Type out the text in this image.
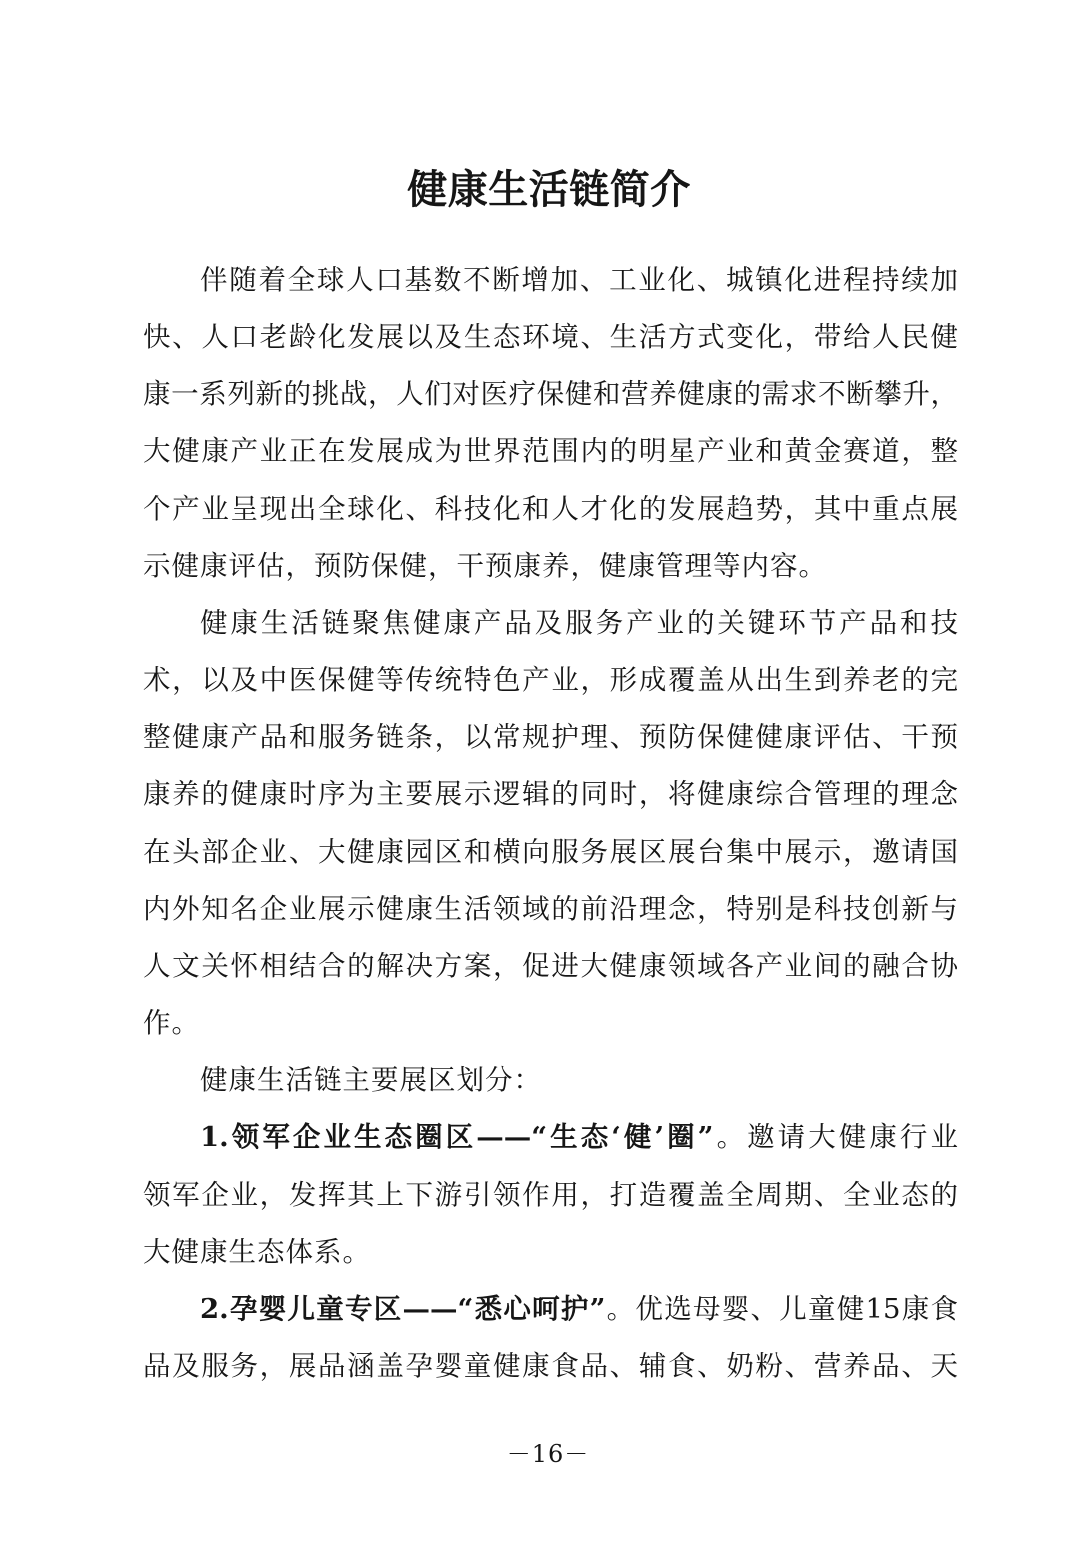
健康生活链简介
伴随着全球人口基数不断增加、工业化、城镇化进程持续加
快、人口老龄化发展以及生态环境、生活方式变化，带给人民健
康一系列新的挑战，人们对医疗保健和营养健康的需求不断攀升，
大健康产业正在发展成为世界范围内的明星产业和黄金赛道，整
个产业呈现出全球化、科技化和人才化的发展趋势，其中重点展
示健康评估，预防保健，干预康养，健康管理等内容。
健康生活链聚焦健康产品及服务产业的关键环节产品和技
术，以及中医保健等传统特色产业，形成覆盖从出生到养老的完
整健康产品和服务链条，以常规护理、预防保健健康评估、干预
康养的健康时序为主要展示逻辑的同时，将健康综合管理的理念
在头部企业、大健康园区和横向服务展区展台集中展示，邀请国
内外知名企业展示健康生活领域的前沿理念，特别是科技创新与
人文关怀相结合的解决方案，促进大健康领域各产业间的融合协
作。
健康生活链主要展区划分：
1.领军企业生态圈区——“生态‘健’圈”。邀请大健康行业
领军企业，发挥其上下游引领作用，打造覆盖全周期、全业态的
大健康生态体系。
2.孕婴儿童专区——“悉心呵护”。优选母婴、儿童健15康食
品及服务，展品涵盖孕婴童健康食品、辅食、奶粉、营养品、天
－16－
